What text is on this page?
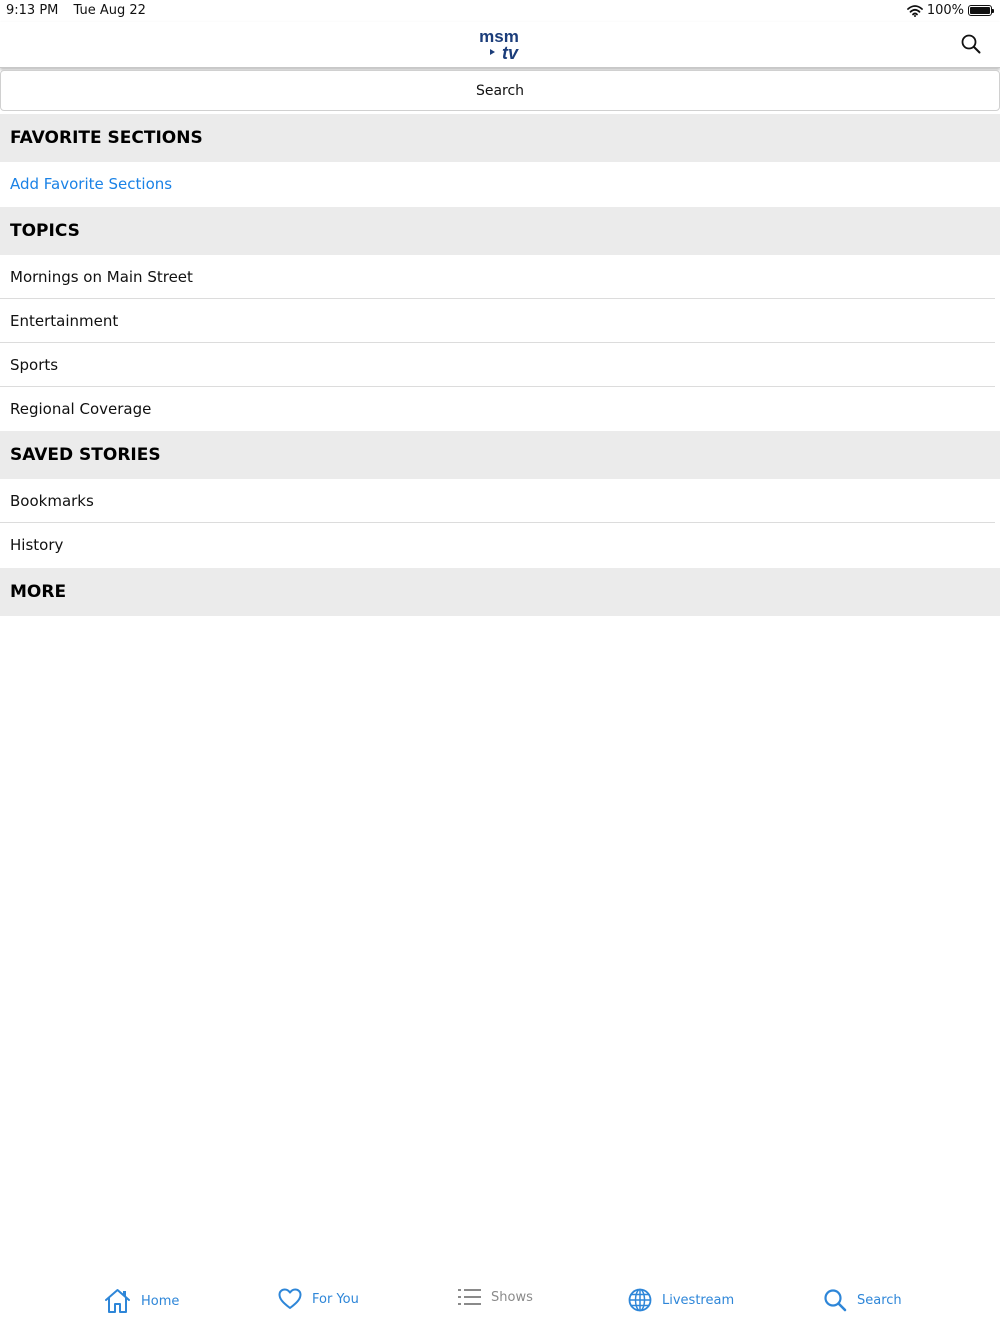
9:13 PM Tue Aug 22	100%
msm
tv
Search
FAVORITE SECTIONS
Add Favorite Sections
TOPICS
Mornings on Main Street
Entertainment
Sports
Regional Coverage
SAVED STORIES
Bookmarks
History
MORE
Home	For You	Shows	Livestream	Search
